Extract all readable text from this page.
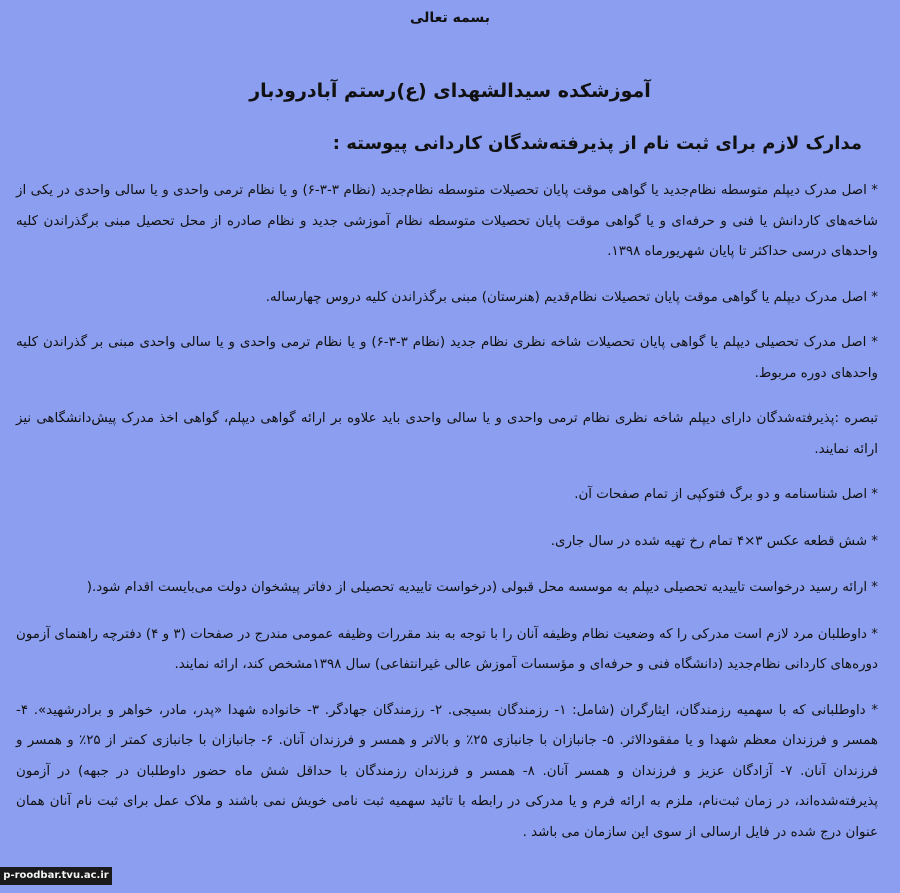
بسمه تعالی
آموزشکده سیدالشهدای (ع)رستم آبادرودبار
مدارک لازم برای ثبت نام از پذیرفته‌شدگان کاردانی پیوسته :

* اصل مدرک دیپلم متوسطه نظام‌جدید یا گواهی موقت پایان تحصیلات متوسطه نظام‌جدید (نظام ۳-۳-۶) و یا نظام ترمی واحدی و یا سالی واحدی در یکی از شاخه‌های کاردانش یا فنی و حرفه‌ای و یا گواهی موقت پایان تحصیلات متوسطه نظام آموزشی جدید و نظام صادره از محل تحصیل مبنی برگذراندن کلیه واحدهای درسی حداکثر تا پایان شهریورماه ۱۳۹۸.

* اصل مدرک دیپلم یا گواهی موقت پایان تحصیلات نظام‌قدیم (هنرستان) مبنی برگذراندن کلیه دروس چهارساله.

* اصل مدرک تحصیلی دیپلم یا گواهی پایان تحصیلات شاخه نظری نظام جدید (نظام ۳-۳-۶) و یا نظام ترمی واحدی و یا سالی واحدی مبنی بر گذراندن کلیه واحدهای دوره مربوط.

تبصره :پذیرفته‌شدگان دارای دیپلم شاخه نظری نظام ترمی واحدی و یا سالی واحدی باید علاوه بر ارائه گواهی دیپلم، گواهی اخذ مدرک پیش‌دانشگاهی نیز ارائه نمایند.

* اصل شناسنامه و دو برگ فتوکپی از تمام صفحات آن.

* شش قطعه عکس ۳×۴ تمام رخ تهیه شده در سال جاری.

* ارائه رسید درخواست تاییدیه تحصیلی دیپلم به موسسه محل قبولی (درخواست تاییدیه تحصیلی از دفاتر پیشخوان دولت می‌بایست اقدام شود.(

* داوطلبان مرد لازم است مدرکی را که وضعیت نظام وظیفه آنان را با توجه به بند مقررات وظیفه عمومی مندرج در صفحات (۳ و ۴) دفترچه راهنمای آزمون دوره‌های کاردانی نظام‌جدید (دانشگاه فنی و حرفه‌ای و مؤسسات آموزش عالی غیرانتفاعی) سال ۱۳۹۸مشخص کند، ارائه نمایند.

* داوطلبانی که با سهمیه رزمندگان، ایثارگران (شامل: ۱- رزمندگان بسیجی. ۲- رزمندگان جهادگر. ۳- خانواده شهدا «پدر، مادر، خواهر و برادرشهید». ۴- همسر و فرزندان معظم شهدا و یا مفقودالاثر. ۵- جانبازان با جانبازی ۲۵٪ و بالاتر و همسر و فرزندان آنان. ۶- جانبازان با جانبازی کمتر از ۲۵٪ و همسر و فرزندان آنان. ۷- آزادگان عزیز و فرزندان و همسر آنان. ۸- همسر و فرزندان رزمندگان با حداقل شش ماه حضور داوطلبان در جبهه) در آزمون پذیرفته‌شده‌اند، در زمان ثبت‌نام، ملزم به ارائه فرم و یا مدرکی در رابطه با تائید سهمیه ثبت نامی خویش نمی باشند و ملاک عمل برای ثبت نام آنان همان عنوان درج شده در فایل ارسالی از سوی این سازمان می باشد .

p-roodbar.tvu.ac.ir
